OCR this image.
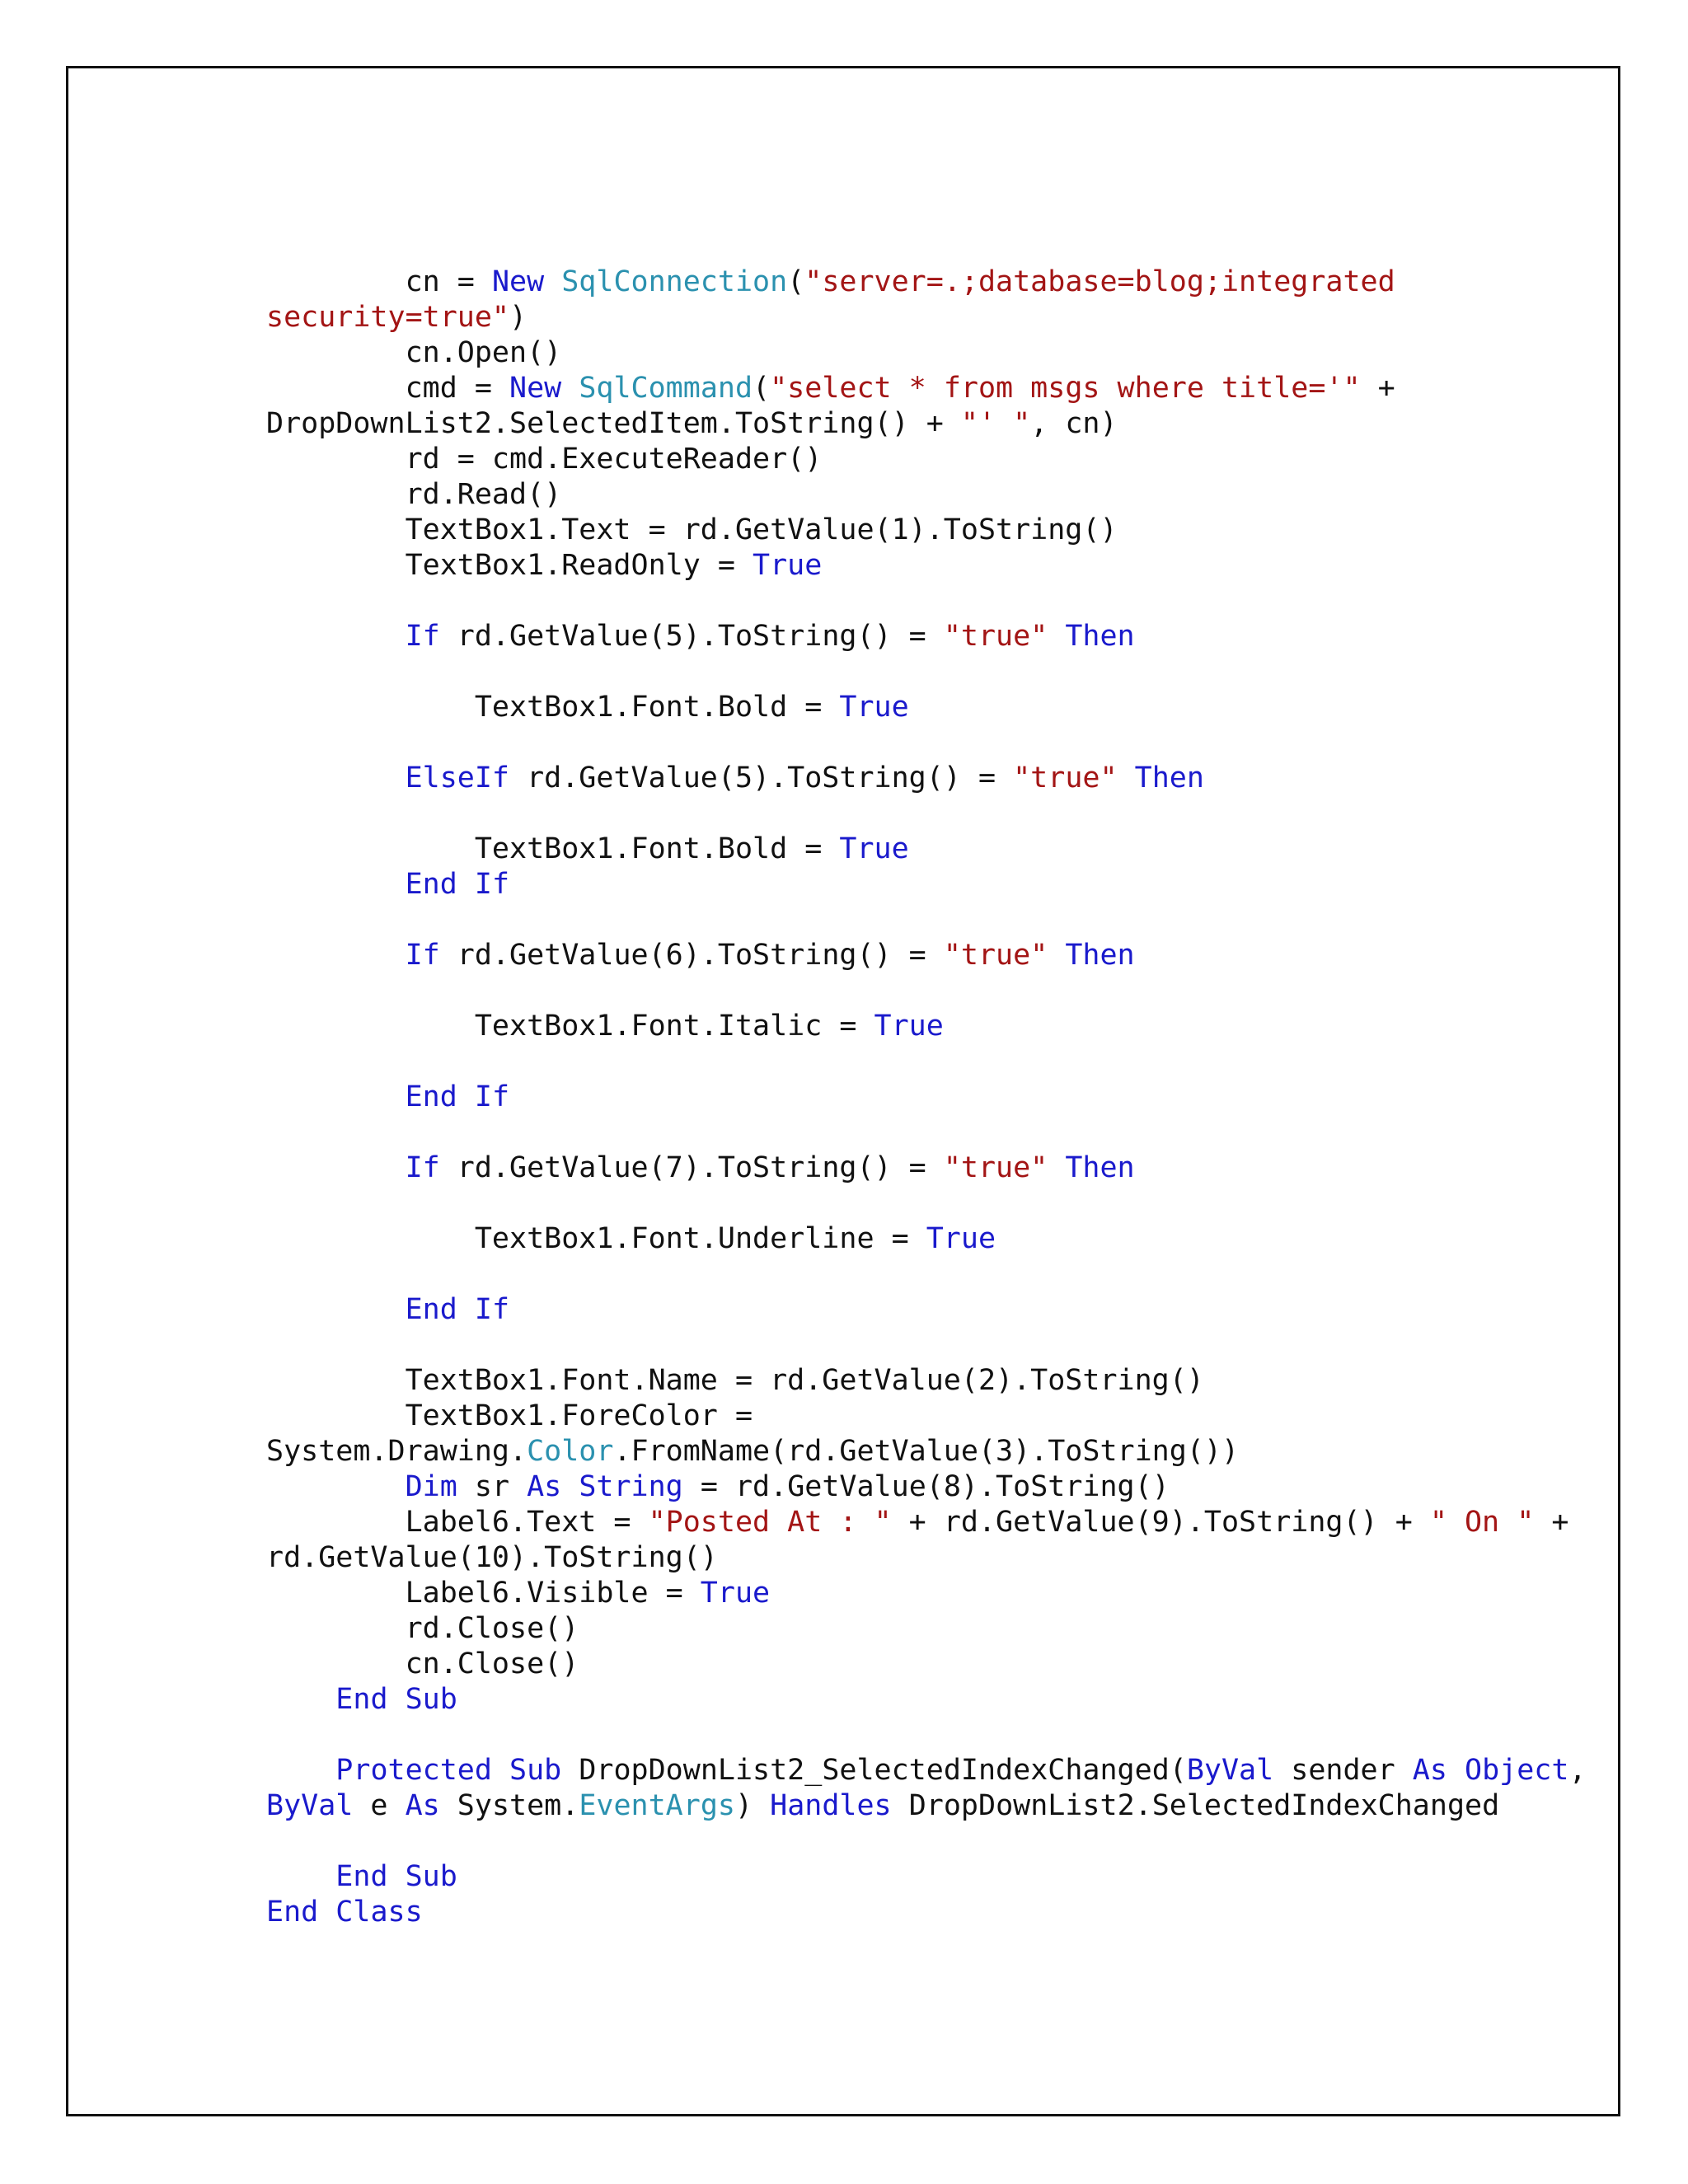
cn = New SqlConnection("server=.;database=blog;integrated
security=true")
cn.Open()
cmd = New SqlCommand("select * from msgs where title='" +
DropDownList2.SelectedItem.ToString() + "' ", cn)
rd = cmd.ExecuteReader()
rd.Read()
TextBox1.Text = rd.GetValue(1).ToString()
TextBox1.ReadOnly = True
If rd.GetValue(5).ToString() = "true" Then
TextBox1.Font.Bold = True
ElseIf rd.GetValue(5).ToString() = "true" Then
TextBox1.Font.Bold = True
End If
If rd.GetValue(6).ToString() = "true" Then
TextBox1.Font.Italic = True
End If
If rd.GetValue(7).ToString() = "true" Then
TextBox1.Font.Underline = True
End If
TextBox1.Font.Name = rd.GetValue(2).ToString()
TextBox1.ForeColor =
System.Drawing.Color.FromName(rd.GetValue(3).ToString())
Dim sr As String = rd.GetValue(8).ToString()
Label6.Text = "Posted At : " + rd.GetValue(9).ToString() + " On " +
rd.GetValue(10).ToString()
Label6.Visible = True
rd.Close()
cn.Close()
End Sub
Protected Sub DropDownList2_SelectedIndexChanged(ByVal sender As Object,
ByVal e As System.EventArgs) Handles DropDownList2.SelectedIndexChanged
End Sub
End Class
